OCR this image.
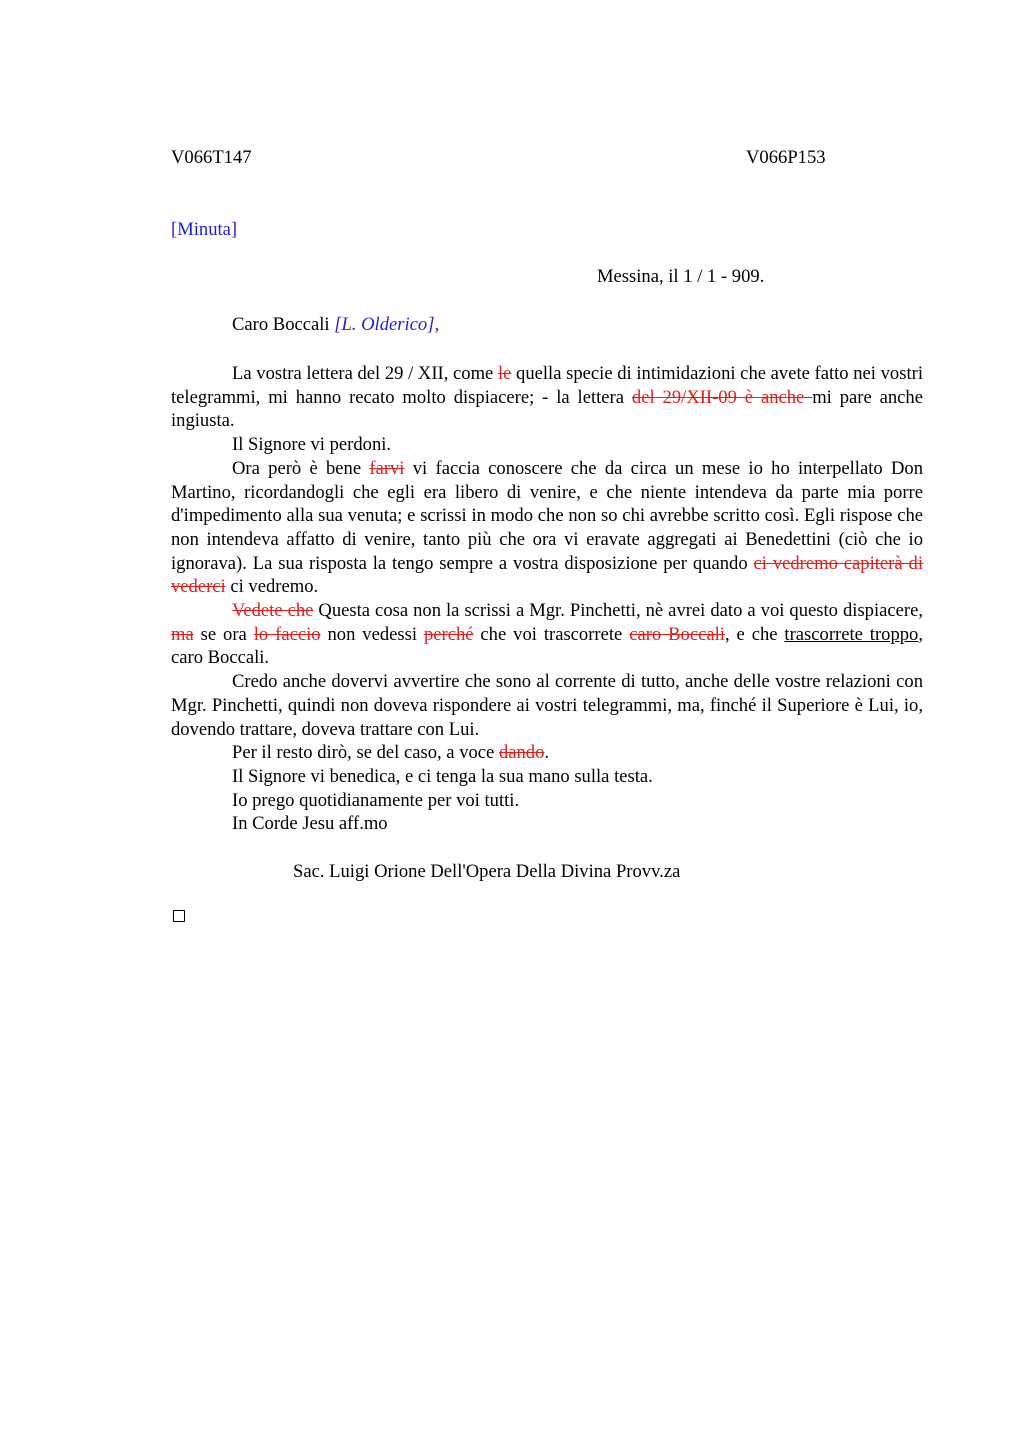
V066T147	V066P153
[Minuta]
Messina, il 1 / 1 - 909.
Caro Boccali [L. Olderico],

La vostra lettera del 29 / XII, come le quella specie di intimidazioni che avete fatto nei vostri telegrammi, mi hanno recato molto dispiacere; - la lettera del 29/XII-09 è anche mi pare anche ingiusta.

Il Signore vi perdoni.

Ora però è bene farvi vi faccia conoscere che da circa un mese io ho interpellato Don Martino, ricordandogli che egli era libero di venire, e che niente intendeva da parte mia porre d'impedimento alla sua venuta; e scrissi in modo che non so chi avrebbe scritto così. Egli rispose che non intendeva affatto di venire, tanto più che ora vi eravate aggregati ai Benedettini (ciò che io ignorava). La sua risposta la tengo sempre a vostra disposizione per quando ci vedremo capiterà di vederci ci vedremo.

Vedete che Questa cosa non la scrissi a Mgr. Pinchetti, nè avrei dato a voi questo dispiacere, ma se ora lo faccio non vedessi perché che voi trascorrete caro Boccali, e che trascorrete troppo, caro Boccali.

Credo anche dovervi avvertire che sono al corrente di tutto, anche delle vostre relazioni con Mgr. Pinchetti, quindi non doveva rispondere ai vostri telegrammi, ma, finché il Superiore è Lui, io, dovendo trattare, doveva trattare con Lui.

Per il resto dirò, se del caso, a voce dando.

Il Signore vi benedica, e ci tenga la sua mano sulla testa.

Io prego quotidianamente per voi tutti.

In Corde Jesu aff.mo

Sac. Luigi Orione Dell'Opera Della Divina Provv.za
